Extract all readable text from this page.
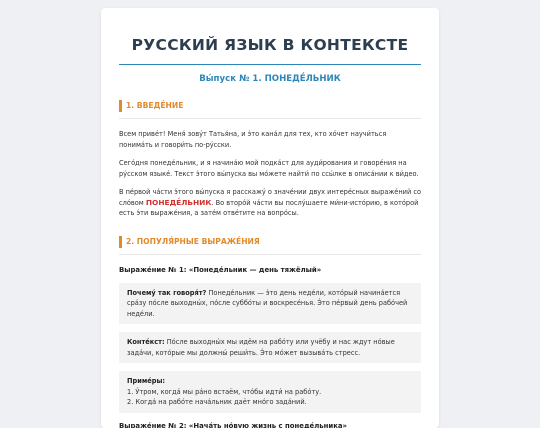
РУССКИЙ ЯЗЫК В КОНТЕКСТЕ
Вы́пуск № 1. ПОНЕДЕ́ЛЬНИК
1. ВВЕДЕ́НИЕ

Всем приве́т! Меня́ зову́т Татья́на, и э́то кана́л для тех, кто хо́чет научи́ться понима́ть и говори́ть по-ру́сски.

Сего́дня понеде́льник, и я начина́ю мой подка́ст для ауди́рования и говоре́ния на ру́сском языке́. Текст э́того вы́пуска вы мо́жете найти́ по ссы́лке в описа́нии к ви́део.

В пе́рвой ча́сти э́того вы́пуска я расскажу́ о значе́нии двух интере́сных выраже́ний со сло́вом ПОНЕДЕ́ЛЬНИК. Во второ́й ча́сти вы послу́шаете ми́ни-исто́рию, в кото́рой есть э́ти выраже́ния, а зате́м отве́тите на вопро́сы.

2. ПОПУЛЯ́РНЫЕ ВЫРАЖЕ́НИЯ
Выраже́ние № 1: «Понеде́льник — день тяжёлый»

Почему́ так говоря́т? Понеде́льник — э́то день неде́ли, кото́рый начина́ется сра́зу по́сле выходны́х, по́сле суббо́ты и воскресе́нья. Э́то пе́рвый день рабо́чей неде́ли.

Конте́кст: По́сле выходны́х мы идём на рабо́ту или учёбу и нас ждут но́вые зада́чи, кото́рые мы должны́ реши́ть. Э́то мо́жет вызыва́ть стресс.

Приме́ры:

1. У́тром, когда́ мы ра́но встаём, что́бы идти́ на рабо́ту.

2. Когда́ на рабо́те нача́льник даёт мно́го зада́ний.

Выраже́ние № 2: «Нача́ть но́вую жизнь с понеде́льника»
